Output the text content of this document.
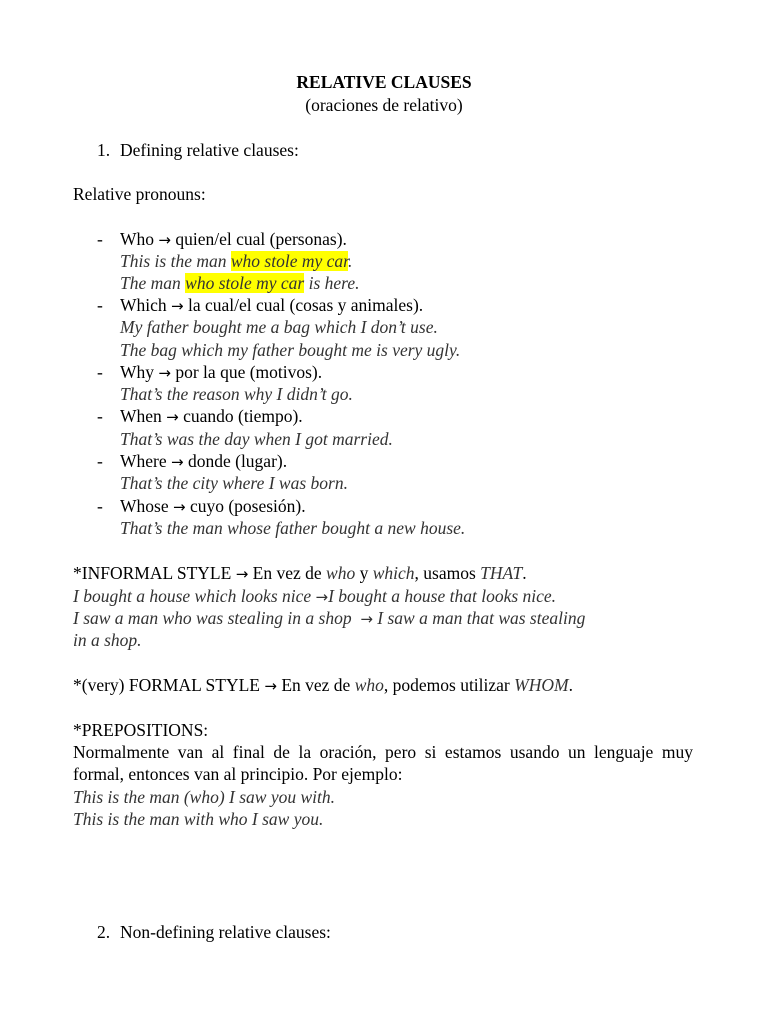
RELATIVE CLAUSES
(oraciones de relativo)
1. Defining relative clauses:
Relative pronouns:
- Who → quien/el cual (personas).
This is the man who stole my car.
The man who stole my car is here.
- Which → la cual/el cual (cosas y animales).
My father bought me a bag which I don’t use.
The bag which my father bought me is very ugly.
- Why → por la que (motivos).
That’s the reason why I didn’t go.
- When → cuando (tiempo).
That’s was the day when I got married.
- Where → donde (lugar).
That’s the city where I was born.
- Whose → cuyo (posesión).
That’s the man whose father bought a new house.
*INFORMAL STYLE → En vez de who y which, usamos THAT.
I bought a house which looks nice →I bought a house that looks nice.
I saw a man who was stealing in a shop  → I saw a man that was stealing
in a shop.
*(very) FORMAL STYLE → En vez de who, podemos utilizar WHOM.
*PREPOSITIONS:
Normalmente van al final de la oración, pero si estamos usando un lenguaje muy formal, entonces van al principio. Por ejemplo:
This is the man (who) I saw you with.
This is the man with who I saw you.
2. Non-defining relative clauses:
